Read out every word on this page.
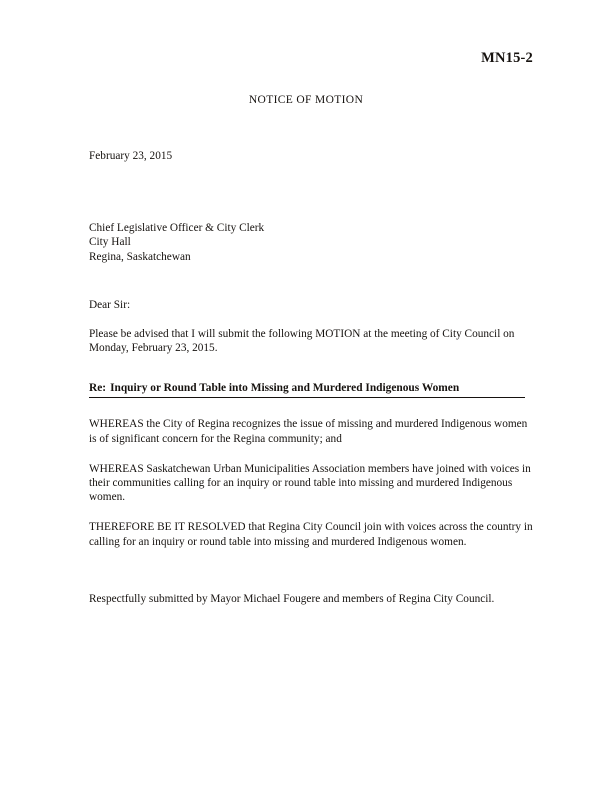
MN15-2
NOTICE OF MOTION

February 23, 2015

Chief Legislative Officer & City Clerk
City Hall
Regina, Saskatchewan

Dear Sir:

Please be advised that I will submit the following MOTION at the meeting of City Council on Monday, February 23, 2015.

Re: Inquiry or Round Table into Missing and Murdered Indigenous Women

WHEREAS the City of Regina recognizes the issue of missing and murdered Indigenous women is of significant concern for the Regina community; and

WHEREAS Saskatchewan Urban Municipalities Association members have joined with voices in their communities calling for an inquiry or round table into missing and murdered Indigenous women.

THEREFORE BE IT RESOLVED that Regina City Council join with voices across the country in calling for an inquiry or round table into missing and murdered Indigenous women.

Respectfully submitted by Mayor Michael Fougere and members of Regina City Council.
